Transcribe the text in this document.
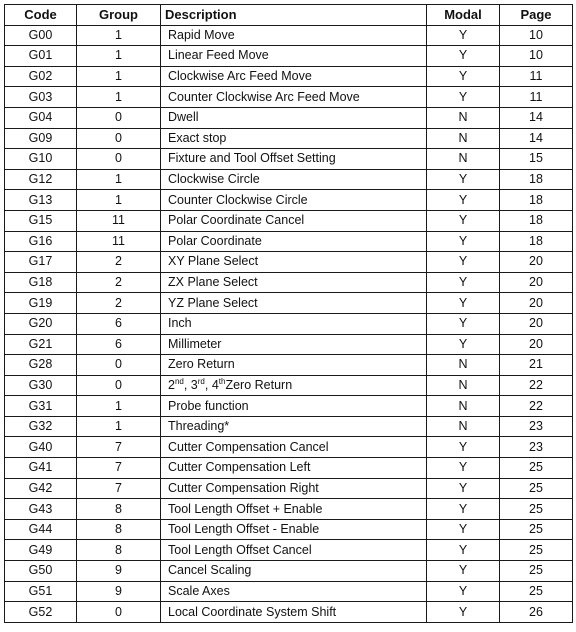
Code	Group	Description	Modal	Page
G00	1	Rapid Move	Y	10
G01	1	Linear Feed Move	Y	10
G02	1	Clockwise Arc Feed Move	Y	11
G03	1	Counter Clockwise Arc Feed Move	Y	11
G04	0	Dwell	N	14
G09	0	Exact stop	N	14
G10	0	Fixture and Tool Offset Setting	N	15
G12	1	Clockwise Circle	Y	18
G13	1	Counter Clockwise Circle	Y	18
G15	11	Polar Coordinate Cancel	Y	18
G16	11	Polar Coordinate	Y	18
G17	2	XY Plane Select	Y	20
G18	2	ZX Plane Select	Y	20
G19	2	YZ Plane Select	Y	20
G20	6	Inch	Y	20
G21	6	Millimeter	Y	20
G28	0	Zero Return	N	21
G30	0	2nd, 3rd, 4thZero Return	N	22
G31	1	Probe function	N	22
G32	1	Threading*	N	23
G40	7	Cutter Compensation Cancel	Y	23
G41	7	Cutter Compensation Left	Y	25
G42	7	Cutter Compensation Right	Y	25
G43	8	Tool Length Offset + Enable	Y	25
G44	8	Tool Length Offset - Enable	Y	25
G49	8	Tool Length Offset Cancel	Y	25
G50	9	Cancel Scaling	Y	25
G51	9	Scale Axes	Y	25
G52	0	Local Coordinate System Shift	Y	26
